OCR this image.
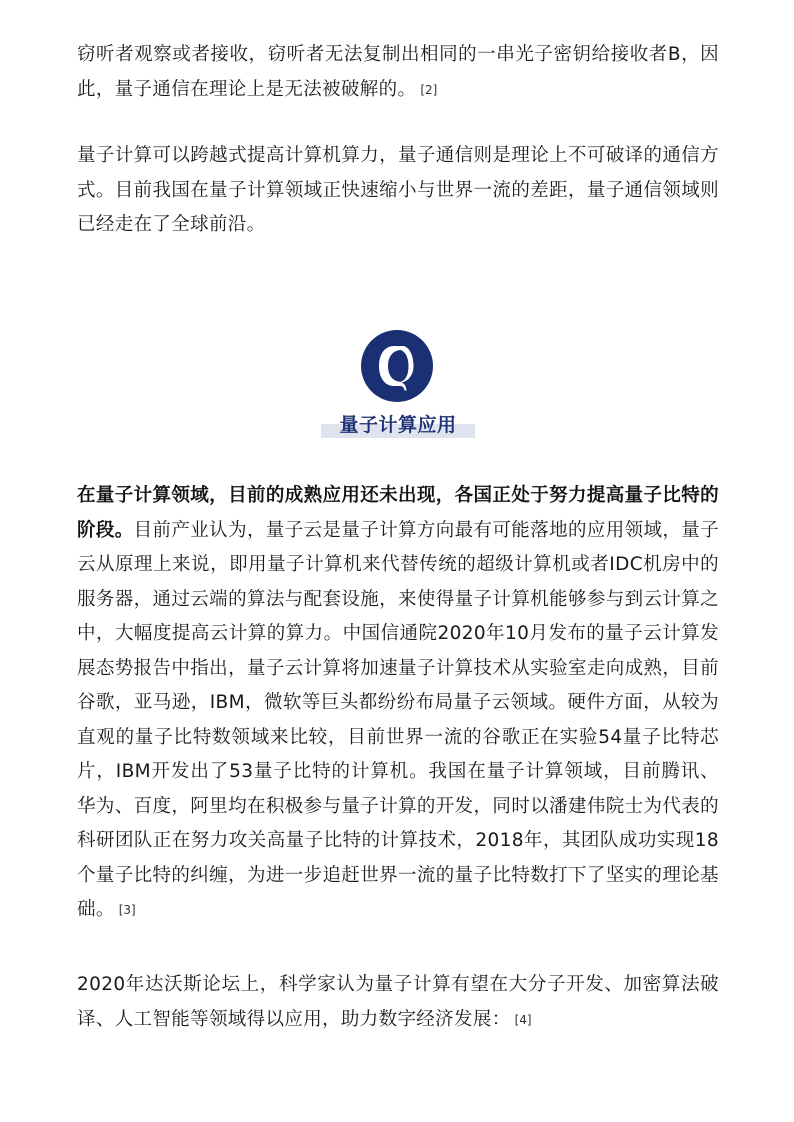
窃听者观察或者接收，窃听者无法复制出相同的一串光子密钥给接收者B，因此，量子通信在理论上是无法被破解的。 [2]

量子计算可以跨越式提高计算机算力，量子通信则是理论上不可破译的通信方式。目前我国在量子计算领域正快速缩小与世界一流的差距，量子通信领域则已经走在了全球前沿。

量子计算应用

在量子计算领域，目前的成熟应用还未出现，各国正处于努力提高量子比特的阶段。目前产业认为，量子云是量子计算方向最有可能落地的应用领域，量子云从原理上来说，即用量子计算机来代替传统的超级计算机或者IDC机房中的服务器，通过云端的算法与配套设施，来使得量子计算机能够参与到云计算之中，大幅度提高云计算的算力。中国信通院2020年10月发布的量子云计算发展态势报告中指出，量子云计算将加速量子计算技术从实验室走向成熟，目前谷歌，亚马逊，IBM，微软等巨头都纷纷布局量子云领域。硬件方面，从较为直观的量子比特数领域来比较，目前世界一流的谷歌正在实验54量子比特芯片，IBM开发出了53量子比特的计算机。我国在量子计算领域，目前腾讯、华为、百度，阿里均在积极参与量子计算的开发，同时以潘建伟院士为代表的科研团队正在努力攻关高量子比特的计算技术，2018年，其团队成功实现18个量子比特的纠缠，为进一步追赶世界一流的量子比特数打下了坚实的理论基础。 [3]

2020年达沃斯论坛上，科学家认为量子计算有望在大分子开发、加密算法破译、人工智能等领域得以应用，助力数字经济发展： [4]
